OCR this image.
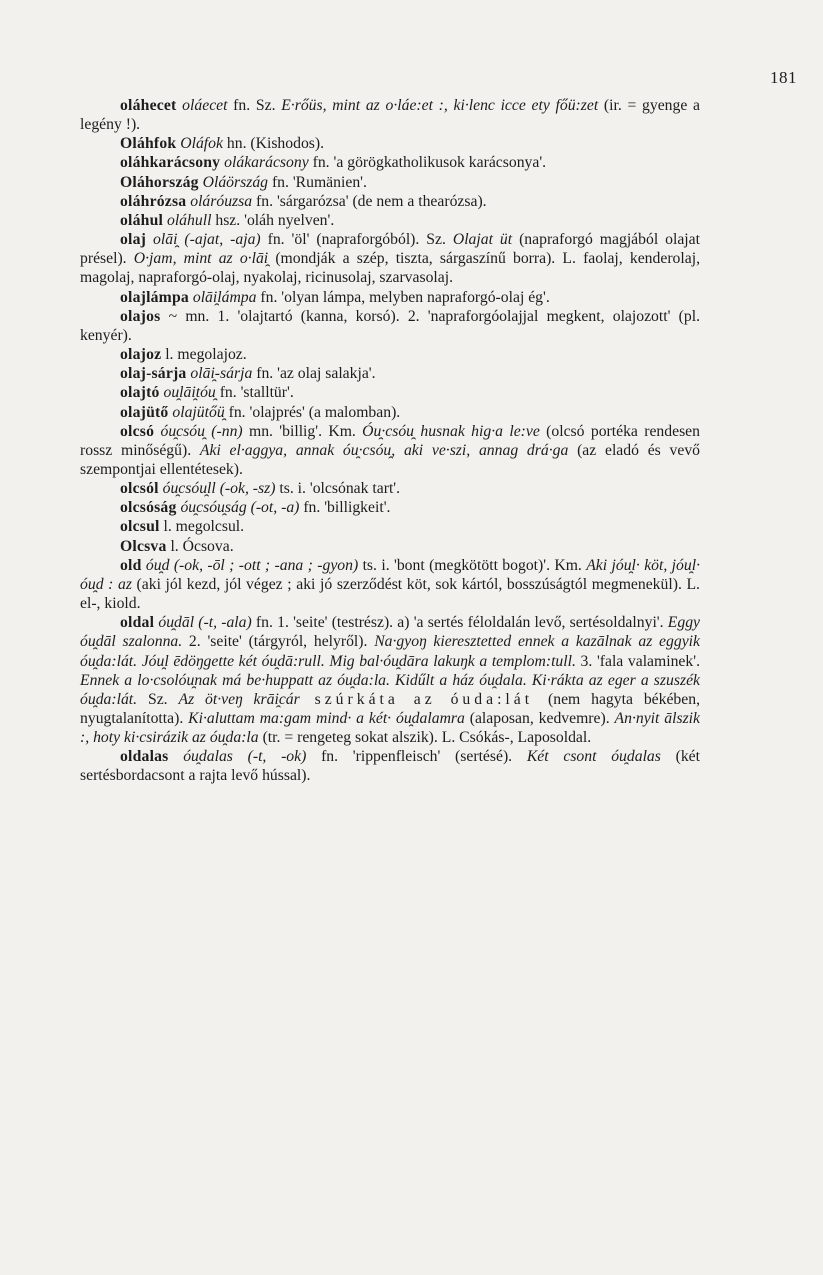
181

oláhecet oláecet fn. Sz. E·rőüs, mint az o·láe:et :, ki·lenc icce ety főü:zet (ir. = gyenge a legény !).

Oláhfok Oláfok hn. (Kishodos).

oláhkarácsony olákarácsony fn. 'a görögkatholikusok karácsonya'.

Oláhország Oláörszág fn. 'Rumänien'.

oláhrózsa oláróuzsa fn. 'sárgarózsa' (de nem a thearózsa).

oláhul oláhull hsz. 'oláh nyelven'.

olaj olāi̯ (-ajat, -aja) fn. 'öl' (napraforgóból). Sz. Olajat üt (napraforgó magjából olajat présel). O·jam, mint az o·lāi̯ (mondják a szép, tiszta, sárgaszínű borra). L. faolaj, kenderolaj, magolaj, napraforgó-olaj, nyakolaj, ricinusolaj, szarvasolaj.

olajlámpa olāi̯lámpa fn. 'olyan lámpa, melyben napraforgó-olaj ég'.

olajos ~ mn. 1. 'olajtartó (kanna, korsó). 2. 'napraforgóolajjal megkent, olajozott' (pl. kenyér).

olajoz l. megolajoz.

olaj-sárja olāi̯-sárja fn. 'az olaj salakja'.

olajtó ou̯lāi̯tóu̯ fn. 'stalltür'.

olajütő olajütőü̯ fn. 'olajprés' (a malomban).

olcsó óu̯csóu̯ (-nn) mn. 'billig'. Km. Óu̯·csóu̯ husnak hig·a le:ve (olcsó portéka rendesen rossz minőségű). Aki el·aggya, annak óu̯·csóu̯, aki ve·szi, annag drá·ga (az eladó és vevő szempontjai ellentétesek).

olcsól óu̯csóu̯ll (-ok, -sz) ts. i. 'olcsónak tart'.

olcsóság óu̯csóu̯ság (-ot, -a) fn. 'billigkeit'.

olcsul l. megolcsul.

Olcsva l. Ócsova.

old óu̯d (-ok, -ōl ; -ott ; -ana ; -gyon) ts. i. 'bont (megkötött bogot)'. Km. Aki jóu̯l· köt, jóu̯l· óu̯d : az (aki jól kezd, jól végez ; aki jó szerződést köt, sok kártól, bosszúságtól megmenekül). L. el-, kiold.

oldal óu̯dāl (-t, -ala) fn. 1. 'seite' (testrész). a) 'a sertés féloldalán levő, sertésoldalnyi'. Eggy óu̯dāl szalonna. 2. 'seite' (tárgyról, helyről). Na·gyoŋ kieresztetted ennek a kazālnak az eggyik óu̯da:lát. Jóu̯l ēdöŋgette két óu̯dā:rull. Mig bal·óu̯dāra lakuŋk a templom:tull. 3. 'fala valaminek'. Ennek a lo·csolóu̯nak má be·huppatt az óu̯da:la. Kidűlt a ház óu̯dala. Ki·rákta az eger a szuszék óu̯da:lát. Sz. Az öt·veŋ krāi̯cár szúrkáta az óuda:lát (nem hagyta békében, nyugtalanította). Ki·aluttam ma:gam mind· a két· óu̯dalamra (alaposan, kedvemre). An·nyit ālszik :, hoty ki·csirázik az óu̯da:la (tr. = rengeteg sokat alszik). L. Csókás-, Laposoldal.

oldalas óu̯dalas (-t, -ok) fn. 'rippenfleisch' (sertésé). Két csont óu̯dalas (két sertésbordacsont a rajta levő hússal).
